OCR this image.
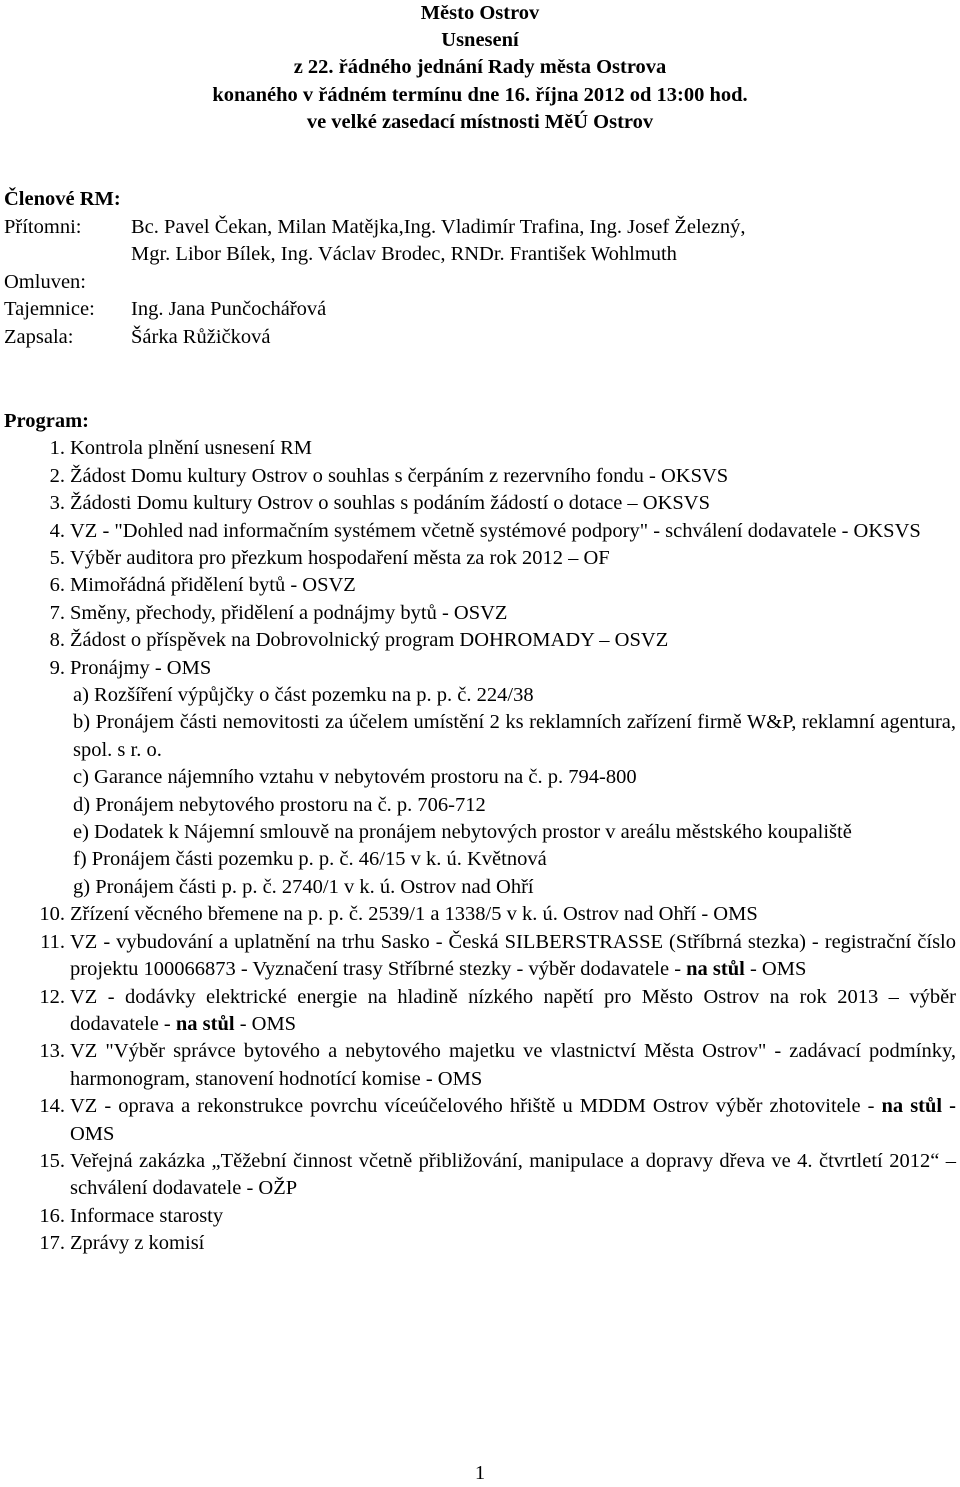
Město Ostrov
Usnesení
z 22. řádného jednání Rady města Ostrova
konaného v řádném termínu dne 16. října 2012 od 13:00 hod.
ve velké zasedací místnosti MěÚ Ostrov
Členové RM:
Přítomni:	Bc. Pavel Čekan, Milan Matějka,Ing. Vladimír Trafina, Ing. Josef Železný,
Mgr. Libor Bílek, Ing. Václav Brodec, RNDr. František Wohlmuth
Omluven:
Tajemnice:	Ing. Jana Punčochářová
Zapsala:	Šárka Růžičková
Program:
1. Kontrola plnění usnesení RM
2. Žádost Domu kultury Ostrov o souhlas s čerpáním z rezervního fondu - OKSVS
3. Žádosti Domu kultury Ostrov o souhlas s podáním žádostí o dotace – OKSVS
4. VZ - "Dohled nad informačním systémem včetně systémové podpory" - schválení dodavatele - OKSVS
5. Výběr auditora pro přezkum hospodaření města za rok 2012 – OF
6. Mimořádná přidělení bytů - OSVZ
7. Směny, přechody, přidělení a podnájmy bytů - OSVZ
8. Žádost o příspěvek na Dobrovolnický program DOHROMADY – OSVZ
9. Pronájmy - OMS
a) Rozšíření výpůjčky o část pozemku na p. p. č. 224/38
b) Pronájem části nemovitosti za účelem umístění 2 ks reklamních zařízení firmě W&P, reklamní agentura, spol. s r. o.
c) Garance nájemního vztahu v nebytovém prostoru na č. p. 794-800
d) Pronájem nebytového prostoru na č. p. 706-712
e) Dodatek k Nájemní smlouvě na pronájem nebytových prostor v areálu městského koupaliště
f) Pronájem části pozemku p. p. č. 46/15 v k. ú. Květnová
g) Pronájem části p. p. č. 2740/1 v k. ú. Ostrov nad Ohří
10. Zřízení věcného břemene na p. p. č. 2539/1 a 1338/5 v k. ú. Ostrov nad Ohří - OMS
11. VZ - vybudování a uplatnění na trhu Sasko - Česká SILBERSTRASSE (Stříbrná stezka) - registrační číslo projektu 100066873 - Vyznačení trasy Stříbrné stezky - výběr dodavatele - na stůl - OMS
12. VZ - dodávky elektrické energie na hladině nízkého napětí pro Město Ostrov na rok 2013 – výběr dodavatele - na stůl - OMS
13. VZ "Výběr správce bytového a nebytového majetku ve vlastnictví Města Ostrov" - zadávací podmínky, harmonogram, stanovení hodnotící komise - OMS
14. VZ - oprava a rekonstrukce povrchu víceúčelového hřiště u MDDM Ostrov výběr zhotovitele - na stůl - OMS
15. Veřejná zakázka „Těžební činnost včetně přibližování, manipulace a dopravy dřeva ve 4. čtvrtletí 2012“ – schválení dodavatele - OŽP
16. Informace starosty
17. Zprávy z komisí
1
